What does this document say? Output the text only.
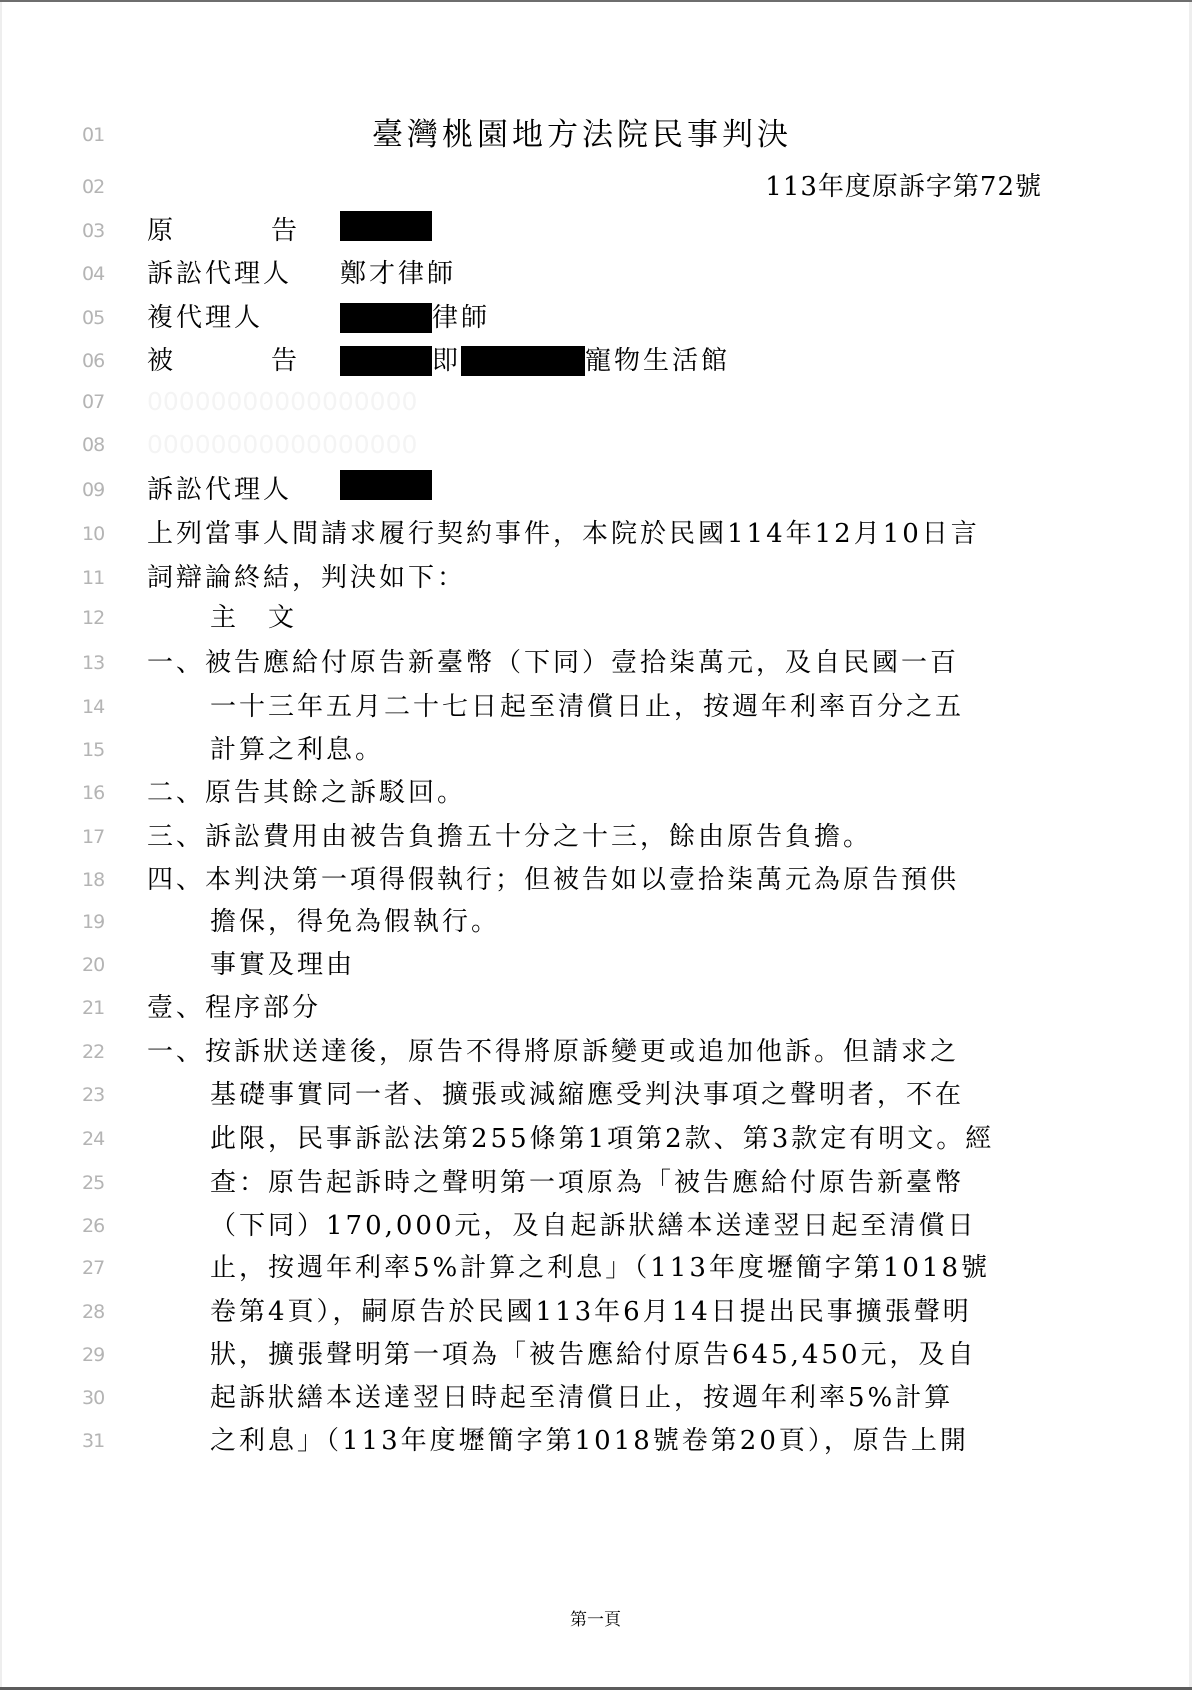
01	臺灣桃園地方法院民事判決
02	113年度原訴字第72號
03	原	告
04	訴訟代理人	鄭才律師
05	複代理人	律師
06	被	告	即	寵物生活館
09	訴訟代理人
07	00000000000000000
08	00000000000000000
10	上列當事人間請求履行契約事件，本院於民國114年12月10日言
11	詞辯論終結，判決如下：
12	主　文
13	一、被告應給付原告新臺幣（下同）壹拾柒萬元，及自民國一百
14	一十三年五月二十七日起至清償日止，按週年利率百分之五
15	計算之利息。
16	二、原告其餘之訴駁回。
17	三、訴訟費用由被告負擔五十分之十三，餘由原告負擔。
18	四、本判決第一項得假執行；但被告如以壹拾柒萬元為原告預供
19	擔保，得免為假執行。
20	事實及理由
21	壹、程序部分
22	一、按訴狀送達後，原告不得將原訴變更或追加他訴。但請求之
23	基礎事實同一者、擴張或減縮應受判決事項之聲明者，不在
24	此限，民事訴訟法第255條第1項第2款、第3款定有明文。經
25	查：原告起訴時之聲明第一項原為「被告應給付原告新臺幣
26	（下同）170,000元，及自起訴狀繕本送達翌日起至清償日
27	止，按週年利率5%計算之利息」（113年度壢簡字第1018號
28	卷第4頁），嗣原告於民國113年6月14日提出民事擴張聲明
29	狀，擴張聲明第一項為「被告應給付原告645,450元，及自
30	起訴狀繕本送達翌日時起至清償日止，按週年利率5%計算
31	之利息」（113年度壢簡字第1018號卷第20頁），原告上開
第一頁
